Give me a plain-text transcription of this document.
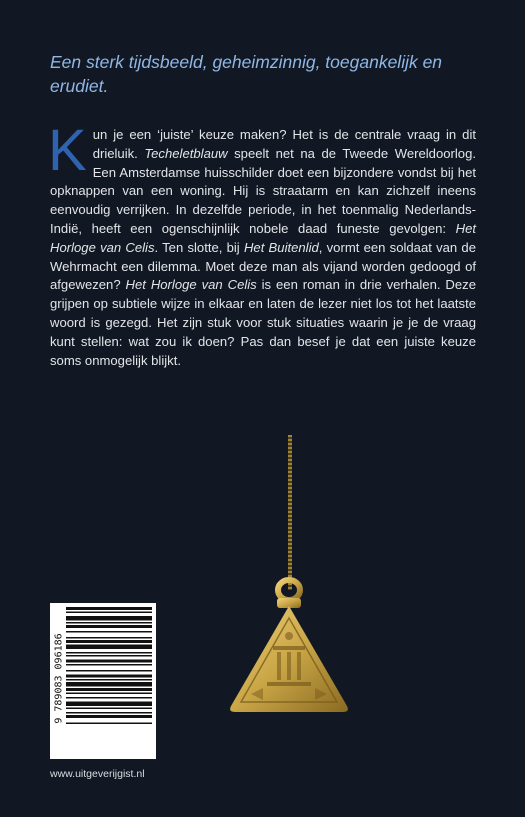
Een sterk tijdsbeeld, geheimzinnig, toegankelijk en erudiet.
K un je een ‘juiste’ keuze maken? Het is de centrale vraag in dit drieluik. Techeletblauw speelt net na de Tweede Wereldoorlog. Een Amsterdamse huisschilder doet een bijzondere vondst bij het opknappen van een woning. Hij is straatarm en kan zichzelf ineens eenvoudig verrijken. In dezelfde periode, in het toenmalig Nederlands-Indië, heeft een ogenschijnlijk nobele daad funeste gevolgen: Het Horloge van Celis. Ten slotte, bij Het Buitenlid, vormt een soldaat van de Wehrmacht een dilemma. Moet deze man als vijand worden gedoogd of afgewezen? Het Horloge van Celis is een roman in drie verhalen. Deze grijpen op subtiele wijze in elkaar en laten de lezer niet los tot het laatste woord is gezegd. Het zijn stuk voor stuk situaties waarin je je de vraag kunt stellen: wat zou ik doen? Pas dan besef je dat een juiste keuze soms onmogelijk blijkt.
9 789083 096186
www.uitgeverijgist.nl
